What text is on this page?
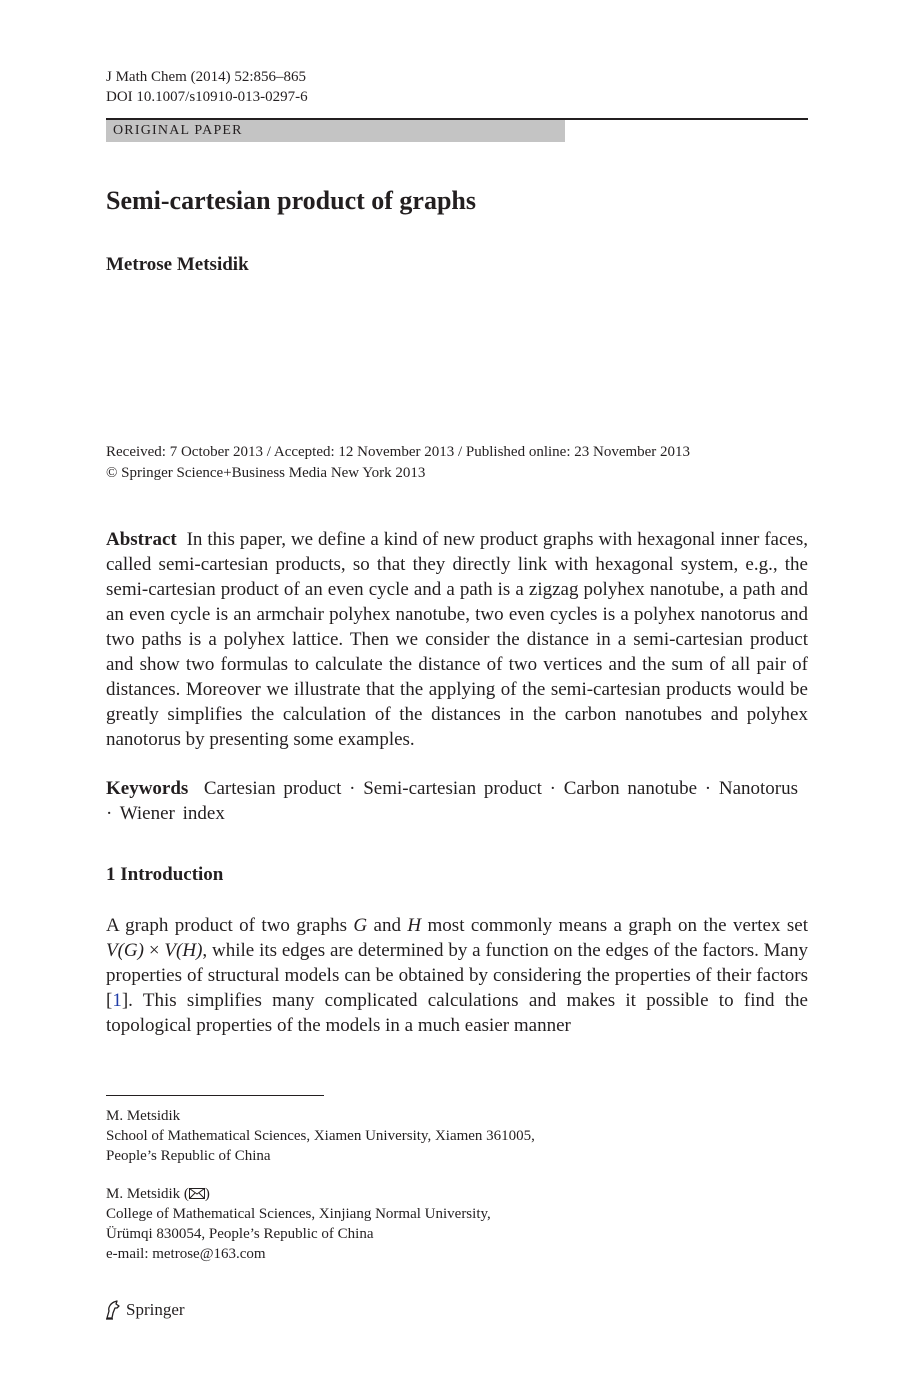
J Math Chem (2014) 52:856–865
DOI 10.1007/s10910-013-0297-6
ORIGINAL PAPER
Semi-cartesian product of graphs
Metrose Metsidik
Received: 7 October 2013 / Accepted: 12 November 2013 / Published online: 23 November 2013
© Springer Science+Business Media New York 2013
Abstract In this paper, we define a kind of new product graphs with hexagonal inner faces, called semi-cartesian products, so that they directly link with hexagonal system, e.g., the semi-cartesian product of an even cycle and a path is a zigzag polyhex nanotube, a path and an even cycle is an armchair polyhex nanotube, two even cycles is a polyhex nanotorus and two paths is a polyhex lattice. Then we consider the distance in a semi-cartesian product and show two formulas to calculate the distance of two vertices and the sum of all pair of distances. Moreover we illustrate that the applying of the semi-cartesian products would be greatly simplifies the calculation of the distances in the carbon nanotubes and polyhex nanotorus by presenting some examples.
Keywords Cartesian product · Semi-cartesian product · Carbon nanotube · Nanotorus · Wiener index
1 Introduction
A graph product of two graphs G and H most commonly means a graph on the vertex set V(G) × V(H), while its edges are determined by a function on the edges of the factors. Many properties of structural models can be obtained by considering the properties of their factors [1]. This simplifies many complicated calculations and makes it possible to find the topological properties of the models in a much easier manner
M. Metsidik
School of Mathematical Sciences, Xiamen University, Xiamen 361005,
People’s Republic of China
M. Metsidik ( )
College of Mathematical Sciences, Xinjiang Normal University,
Ürümqi 830054, People’s Republic of China
e-mail: metrose@163.com
Springer
